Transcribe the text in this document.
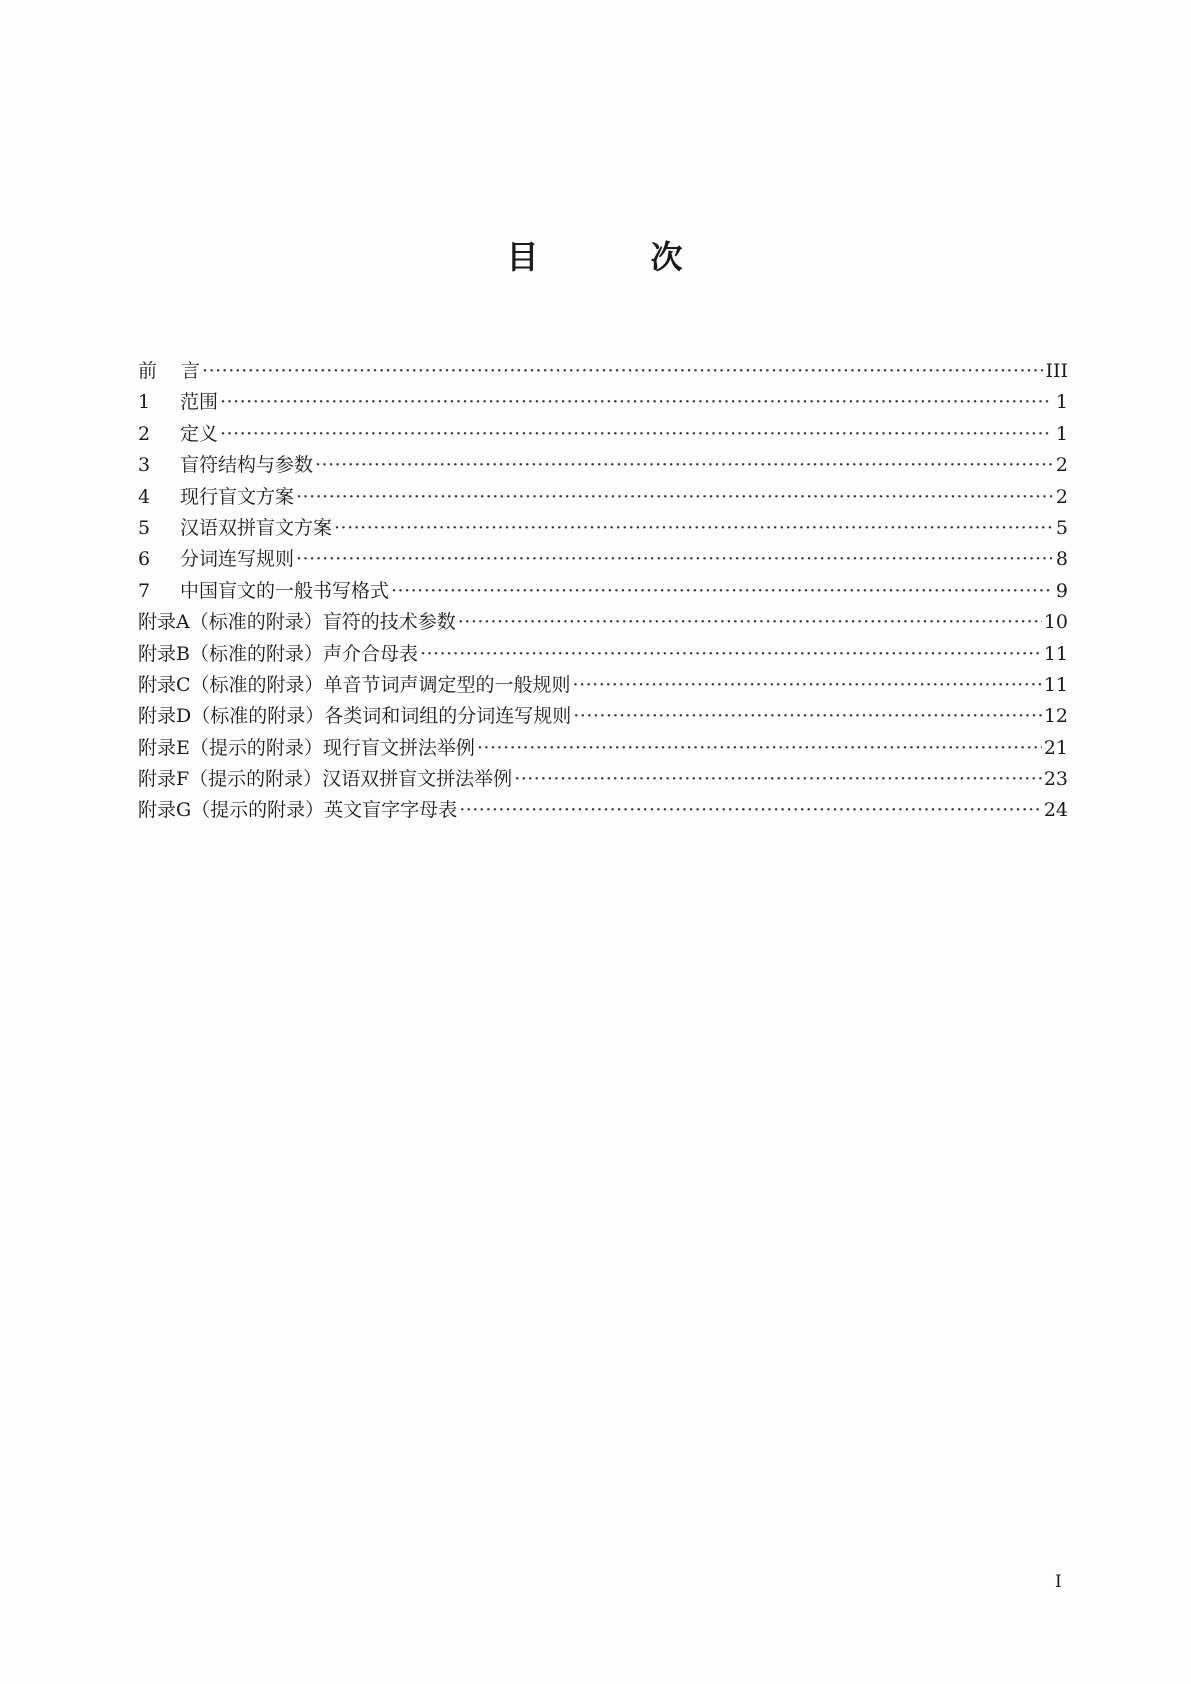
目	次
前 言 ·····	III
1	范围 ·····	1
2	定义 ·····	1
3	盲符结构与参数 ·····	2
4	现行盲文方案 ·····	2
5	汉语双拼盲文方案 ·····	5
6	分词连写规则 ·····	8
7	中国盲文的一般书写格式 ·····	9
附录A（标准的附录）盲符的技术参数 ·····	10
附录B（标准的附录）声介合母表 ·····	11
附录C（标准的附录）单音节词声调定型的一般规则 ·····	11
附录D（标准的附录）各类词和词组的分词连写规则 ·····	12
附录E（提示的附录）现行盲文拼法举例 ·····	21
附录F（提示的附录）汉语双拼盲文拼法举例 ·····	23
附录G（提示的附录）英文盲字字母表 ·····	24
I
